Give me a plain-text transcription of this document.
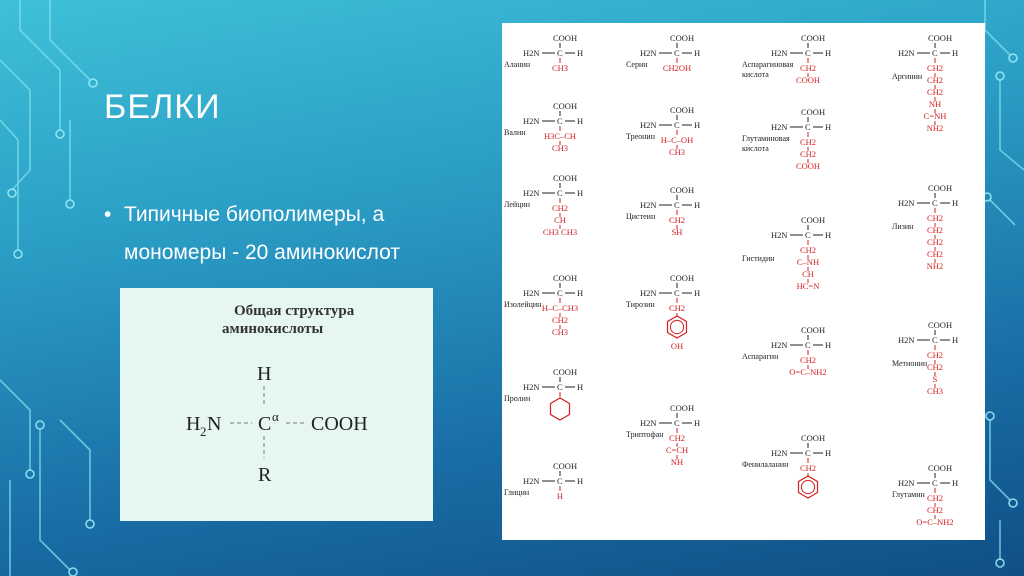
БЕЛКИ
• Типичные биополимеры, а мономеры - 20 аминокислот
Общая структура
аминокислоты
H
H 2 N C α COOH
R
COOH
H2N C H
CH3
Аланин
COOH
H2N C H
H3C–CH
CH3
Валин
COOH
H2N C H
CH2
CH
CH3 CH3
Лейцин
COOH
H2N C H
H–C–CH3
CH2
CH3
Изолейцин
COOH
H2N C H
Пролин
COOH
H2N C H
H
Глицин
COOH
H2N C H
CH2OH
Серин
COOH
H2N C H
H–C–OH
CH3
Треонин
COOH
H2N C H
CH2
SH
Цистеин
COOH
H2N C H
CH2
OH
Тирозин
COOH
H2N C H
CH2
C=CH
NH
Триптофан
COOH
H2N C H
CH2
COOH
Аспарагиновая
кислота
COOH
H2N C H
CH2
CH2
COOH
Глутаминовая
кислота
COOH
H2N C H
CH2
C–NH
CH
HC=N
Гистидин
COOH
H2N C H
CH2
O=C–NH2
Аспарагин
COOH
H2N C H
CH2
Фенилаланин
COOH
H2N C H
CH2
CH2
CH2
NH
C=NH
NH2
Аргинин
COOH
H2N C H
CH2
CH2
CH2
CH2
NH2
Лизин
COOH
H2N C H
CH2
CH2
S
CH3
Метионин
COOH
H2N C H
CH2
CH2
O=C–NH2
Глутамин
